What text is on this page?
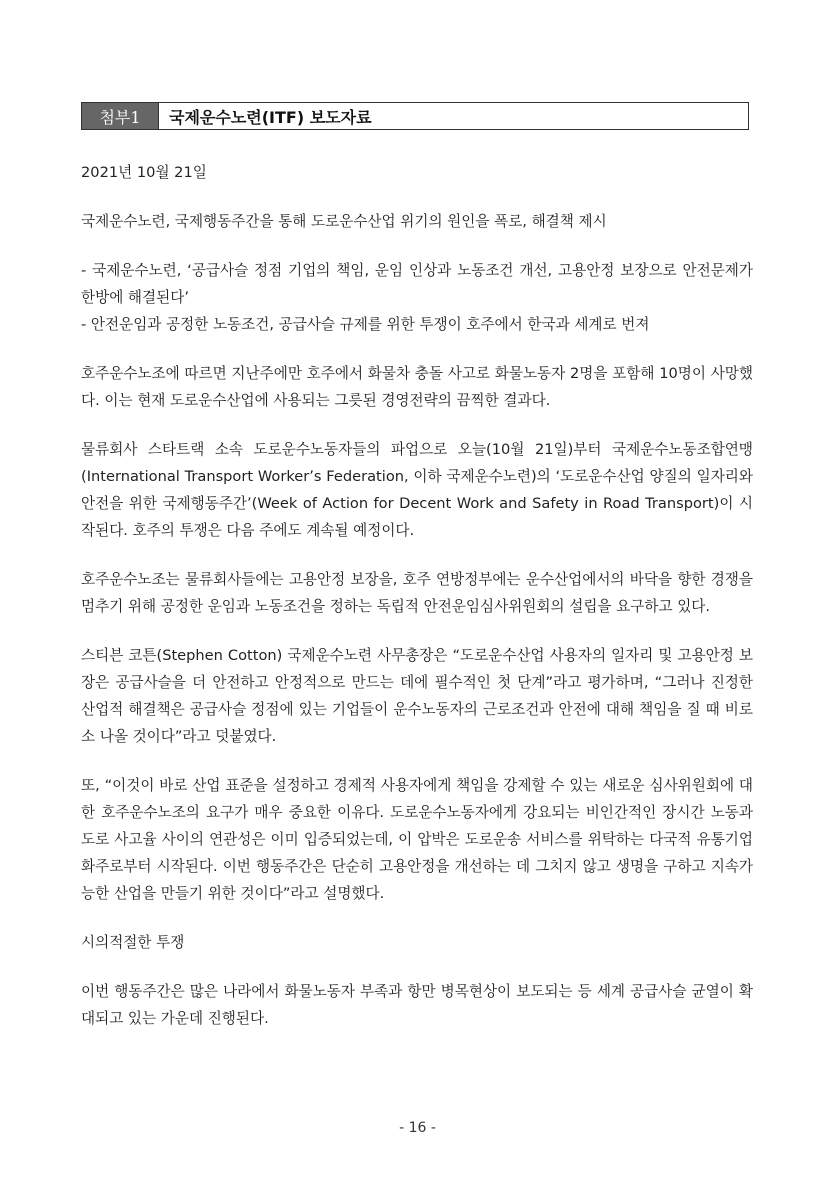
첨부1	국제운수노련(ITF) 보도자료

2021년 10월 21일

국제운수노련, 국제행동주간을 통해 도로운수산업 위기의 원인을 폭로, 해결책 제시

- 국제운수노련, ‘공급사슬 정점 기업의 책임, 운임 인상과 노동조건 개선, 고용안정 보장으로 안전문제가 한방에 해결된다’

- 안전운임과 공정한 노동조건, 공급사슬 규제를 위한 투쟁이 호주에서 한국과 세계로 번져

호주운수노조에 따르면 지난주에만 호주에서 화물차 충돌 사고로 화물노동자 2명을 포함해 10명이 사망했다. 이는 현재 도로운수산업에 사용되는 그릇된 경영전략의 끔찍한 결과다.

물류회사 스타트랙 소속 도로운수노동자들의 파업으로 오늘(10월 21일)부터 국제운수노동조합연맹(International Transport Worker’s Federation, 이하 국제운수노련)의 ‘도로운수산업 양질의 일자리와 안전을 위한 국제행동주간’(Week of Action for Decent Work and Safety in Road Transport)이 시작된다. 호주의 투쟁은 다음 주에도 계속될 예정이다.

호주운수노조는 물류회사들에는 고용안정 보장을, 호주 연방정부에는 운수산업에서의 바닥을 향한 경쟁을 멈추기 위해 공정한 운임과 노동조건을 정하는 독립적 안전운임심사위원회의 설립을 요구하고 있다.

스티븐 코튼(Stephen Cotton) 국제운수노련 사무총장은 “도로운수산업 사용자의 일자리 및 고용안정 보장은 공급사슬을 더 안전하고 안정적으로 만드는 데에 필수적인 첫 단계”라고 평가하며, “그러나 진정한 산업적 해결책은 공급사슬 정점에 있는 기업들이 운수노동자의 근로조건과 안전에 대해 책임을 질 때 비로소 나올 것이다”라고 덧붙였다.

또, “이것이 바로 산업 표준을 설정하고 경제적 사용자에게 책임을 강제할 수 있는 새로운 심사위원회에 대한 호주운수노조의 요구가 매우 중요한 이유다. 도로운수노동자에게 강요되는 비인간적인 장시간 노동과 도로 사고율 사이의 연관성은 이미 입증되었는데, 이 압박은 도로운송 서비스를 위탁하는 다국적 유통기업 화주로부터 시작된다. 이번 행동주간은 단순히 고용안정을 개선하는 데 그치지 않고 생명을 구하고 지속가능한 산업을 만들기 위한 것이다”라고 설명했다.

시의적절한 투쟁

이번 행동주간은 많은 나라에서 화물노동자 부족과 항만 병목현상이 보도되는 등 세계 공급사슬 균열이 확대되고 있는 가운데 진행된다.

- 16 -
